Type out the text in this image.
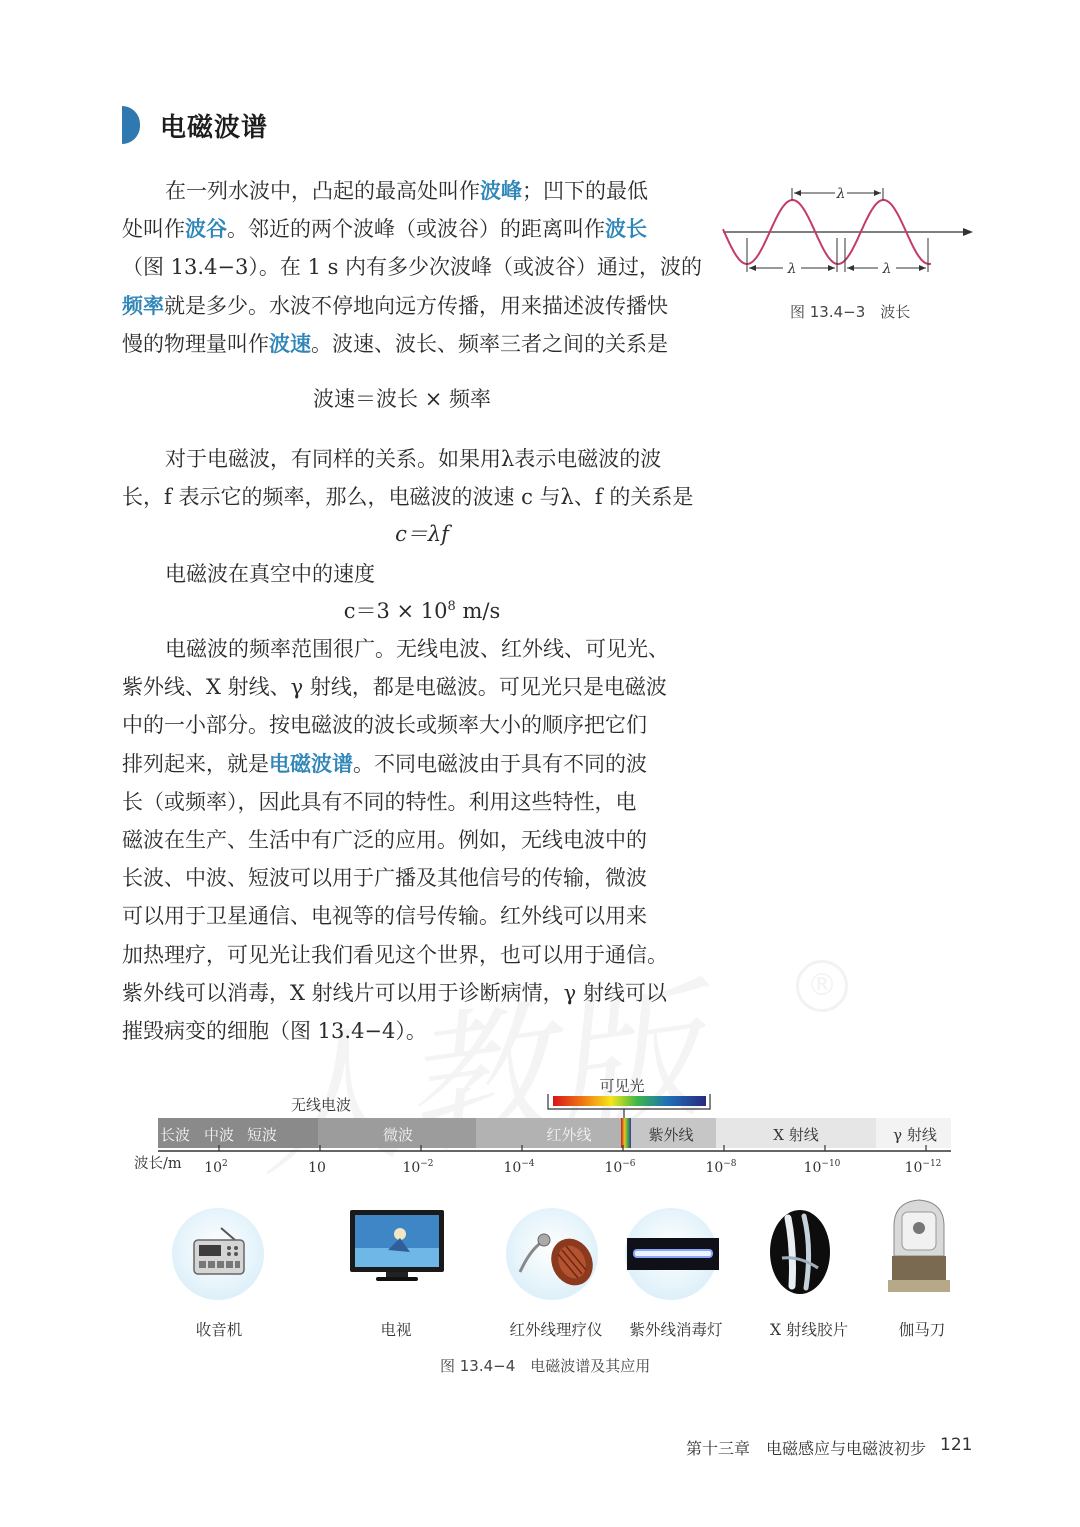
®
电磁波谱
在一列水波中，凸起的最高处叫作波峰；凹下的最低
处叫作波谷。邻近的两个波峰（或波谷）的距离叫作波长
（图 13.4−3）。在 1 s 内有多少次波峰（或波谷）通过，波的
频率就是多少。水波不停地向远方传播，用来描述波传播快
慢的物理量叫作波速。波速、波长、频率三者之间的关系是
波速＝波长 × 频率
对于电磁波，有同样的关系。如果用λ表示电磁波的波
长，f 表示它的频率，那么，电磁波的波速 c 与λ、f 的关系是
c＝λf
电磁波在真空中的速度
$c=3 \times 10^8$ m/s
电磁波的频率范围很广。无线电波、红外线、可见光、
紫外线、X 射线、γ 射线，都是电磁波。可见光只是电磁波
中的一小部分。按电磁波的波长或频率大小的顺序把它们
排列起来，就是电磁波谱。不同电磁波由于具有不同的波
长（或频率），因此具有不同的特性。利用这些特性，电
磁波在生产、生活中有广泛的应用。例如，无线电波中的
长波、中波、短波可以用于广播及其他信号的传输，微波
可以用于卫星通信、电视等的信号传输。红外线可以用来
加热理疗，可见光让我们看见这个世界，也可以用于通信。
紫外线可以消毒，X 射线片可以用于诊断病情，γ 射线可以
摧毁病变的细胞（图 13.4−4）。
λ
λ	λ
图 13.4−3　波长
可见光
无线电波
长波 中波 短波	微波	红外线	紫外线	X 射线	γ 射线
波长/m $10^2$	10	$10^{-2}$	$10^{-4}$	$10^{-6}$	$10^{-8}$	$10^{-10}$	$10^{-12}$
收音机	电视	红外线理疗仪	紫外线消毒灯	X 射线胶片	伽马刀
图 13.4−4　电磁波谱及其应用
第十三章　电磁感应与电磁波初步 121
